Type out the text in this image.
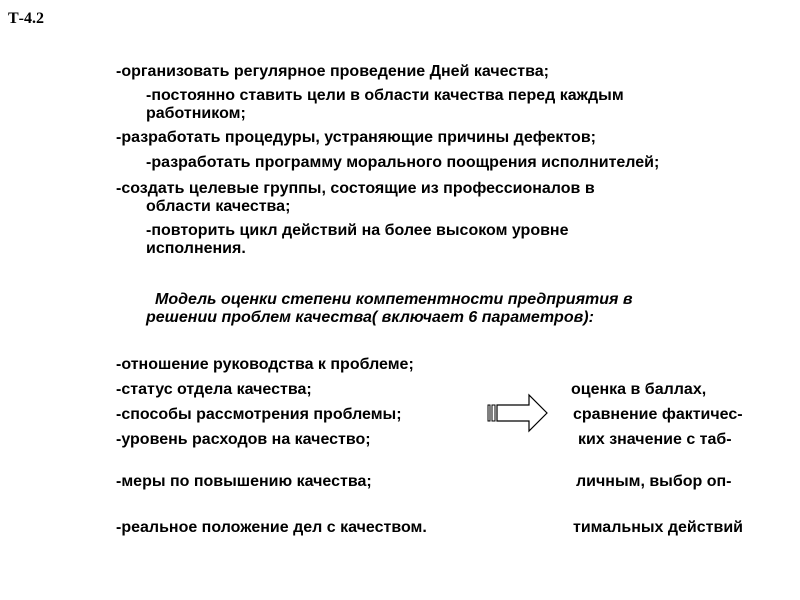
Т-4.2
-организовать регулярное проведение Дней качества;
-постоянно ставить цели в области качества перед каждым
работником;
-разработать процедуры, устраняющие причины дефектов;
-разработать программу морального поощрения исполнителей;
-создать целевые группы, состоящие из профессионалов в
области качества;
-повторить цикл действий на более высоком уровне
исполнения.
Модель оценки степени компетентности предприятия в
решении проблем качества( включает 6 параметров):
-отношение руководства к проблеме;
-статус отдела качества;
-способы рассмотрения проблемы;
-уровень расходов на качество;
-меры по повышению качества;
-реальное положение дел с качеством.
оценка в баллах,
сравнение фактичес-
ких значение с таб-
личным, выбор оп-
тимальных действий
